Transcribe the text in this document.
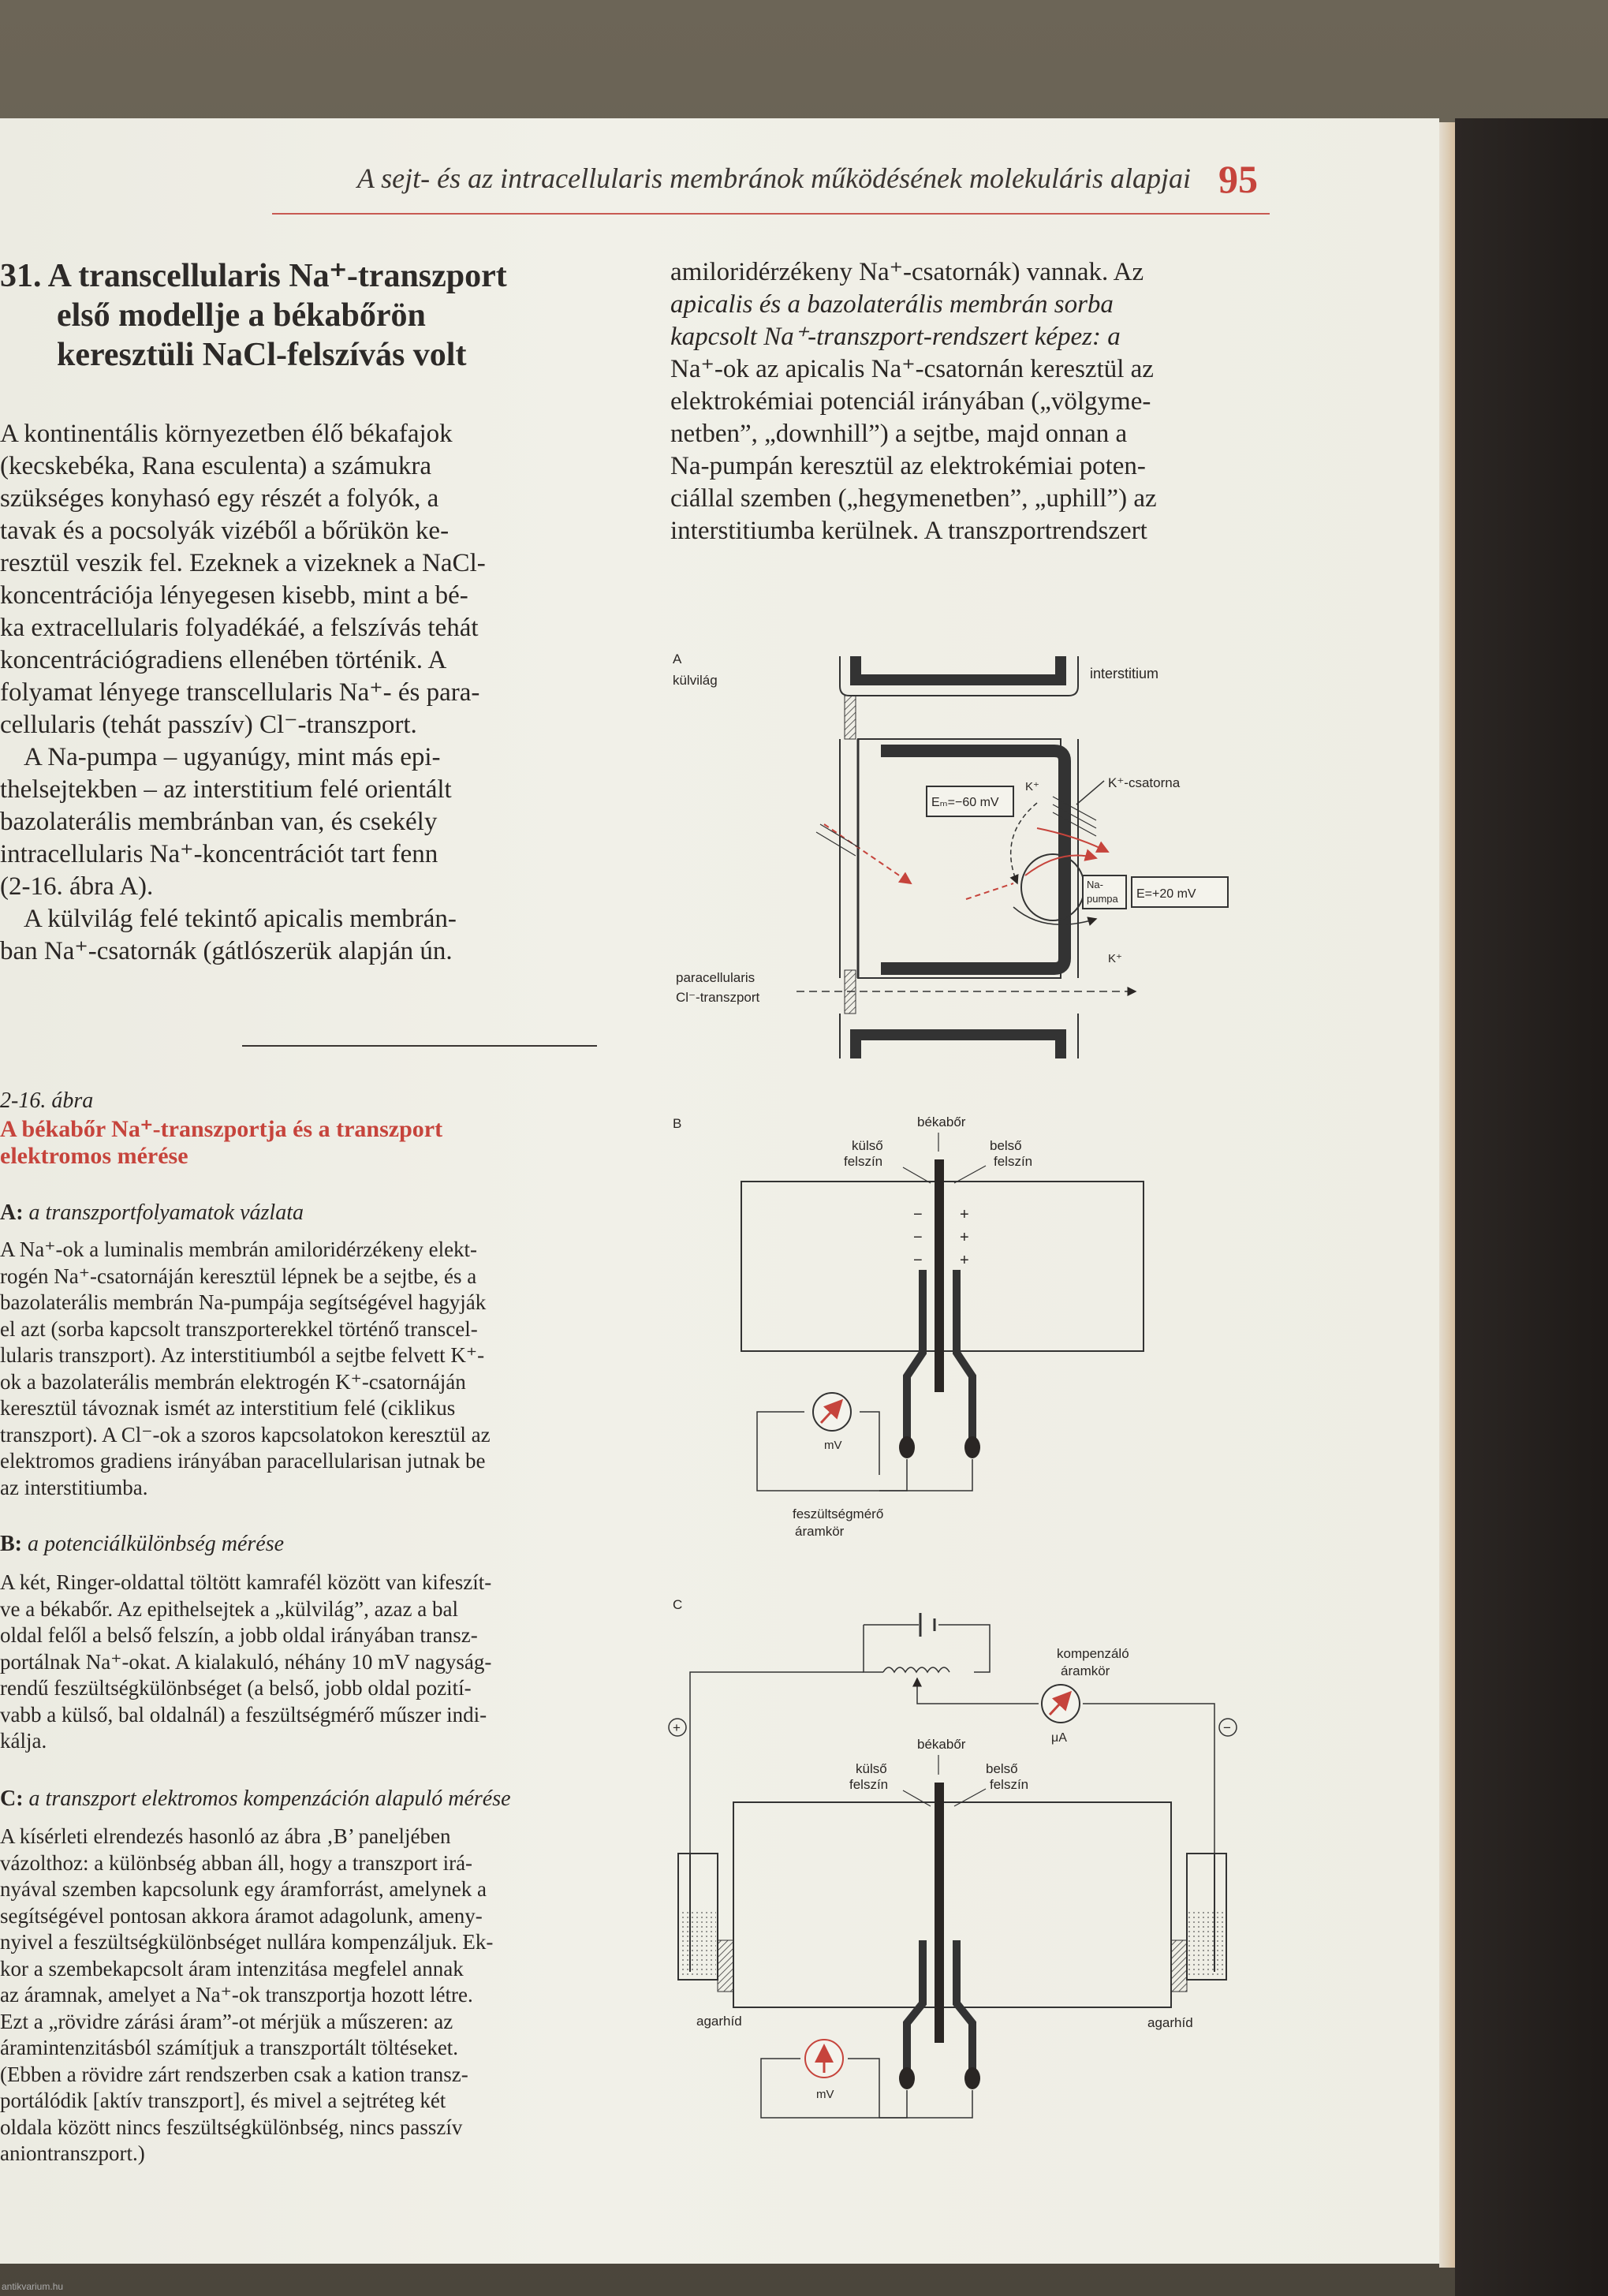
A sejt- és az intracellularis membránok működésének molekuláris alapjai 95
31. A transcellularis Na⁺-transzport
első modellje a békabőrön
keresztüli NaCl-felszívás volt
A kontinentális környezetben élő békafajok
(kecskebéka, Rana esculenta) a számukra
szükséges konyhasó egy részét a folyók, a
tavak és a pocsolyák vizéből a bőrükön ke-
resztül veszik fel. Ezeknek a vizeknek a NaCl-
koncentrációja lényegesen kisebb, mint a bé-
ka extracellularis folyadékáé, a felszívás tehát
koncentrációgradiens ellenében történik. A
folyamat lényege transcellularis Na⁺- és para-
cellularis (tehát passzív) Cl⁻-transzport.
A Na-pumpa – ugyanúgy, mint más epi-
thelsejtekben – az interstitium felé orientált
bazolaterális membránban van, és csekély
intracellularis Na⁺-koncentrációt tart fenn
(2-16. ábra A).
A külvilág felé tekintő apicalis membrán-
ban Na⁺-csatornák (gátlószerük alapján ún.
amiloridérzékeny Na⁺-csatornák) vannak. Az
apicalis és a bazolaterális membrán sorba
kapcsolt Na⁺-transzport-rendszert képez: a
Na⁺-ok az apicalis Na⁺-csatornán keresztül az
elektrokémiai potenciál irányában („völgyme-
netben”, „downhill”) a sejtbe, majd onnan a
Na-pumpán keresztül az elektrokémiai poten-
ciállal szemben („hegymenetben”, „uphill”) az
interstitiumba kerülnek. A transzportrendszert
2-16. ábra
A békabőr Na⁺-transzportja és a transzport
elektromos mérése
A: a transzportfolyamatok vázlata
A Na⁺-ok a luminalis membrán amiloridérzékeny elekt-
rogén Na⁺-csatornáján keresztül lépnek be a sejtbe, és a
bazolaterális membrán Na-pumpája segítségével hagyják
el azt (sorba kapcsolt transzporterekkel történő transcel-
lularis transzport). Az interstitiumból a sejtbe felvett K⁺-
ok a bazolaterális membrán elektrogén K⁺-csatornáján
keresztül távoznak ismét az interstitium felé (ciklikus
transzport). A Cl⁻-ok a szoros kapcsolatokon keresztül az
elektromos gradiens irányában paracellularisan jutnak be
az interstitiumba.
B: a potenciálkülönbség mérése
A két, Ringer-oldattal töltött kamrafél között van kifeszít-
ve a békabőr. Az epithelsejtek a „külvilág”, azaz a bal
oldal felől a belső felszín, a jobb oldal irányában transz-
portálnak Na⁺-okat. A kialakuló, néhány 10 mV nagyság-
rendű feszültségkülönbséget (a belső, jobb oldal pozití-
vabb a külső, bal oldalnál) a feszültségmérő műszer indi-
kálja.
C: a transzport elektromos kompenzáción alapuló mérése
A kísérleti elrendezés hasonló az ábra ‚B’ paneljében
vázolthoz: a különbség abban áll, hogy a transzport irá-
nyával szemben kapcsolunk egy áramforrást, amelynek a
segítségével pontosan akkora áramot adagolunk, ameny-
nyivel a feszültségkülönbséget nullára kompenzáljuk. Ek-
kor a szembekapcsolt áram intenzitása megfelel annak
az áramnak, amelyet a Na⁺-ok transzportja hozott létre.
Ezt a „rövidre zárási áram”-ot mérjük a műszeren: az
áramintenzitásból számítjuk a transzportált töltéseket.
(Ebben a rövidre zárt rendszerben csak a kation transz-
portálódik [aktív transzport], és mivel a sejtréteg két
oldala között nincs feszültségkülönbség, nincs passzív
aniontranszport.)
A
külvilág	interstitium
Eₘ=−60 mV
K⁺	K⁺-csatorna
Na-
pumpa E=+20 mV
K⁺
paracellularis
Cl⁻-transzport
B	békabőr
külső
felszín
belső
felszín
−
−
−
+
+
+
mV
feszültségmérő
áramkör
C
kompenzáló
áramkör
μA
+	−
békabőr
külső
felszín
belső
felszín
agarhíd	agarhíd
mV
antikvarium.hu
